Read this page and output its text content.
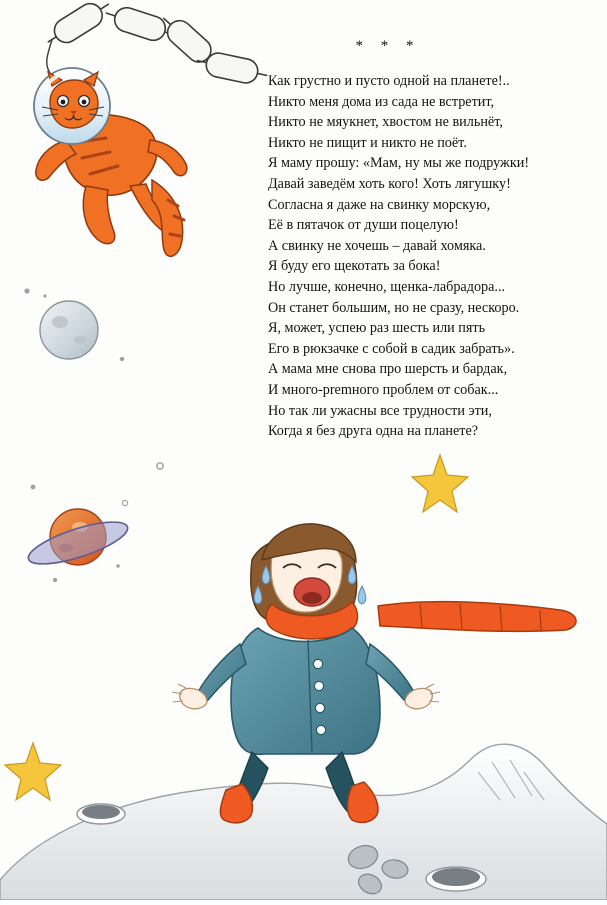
* * *
Как грустно и пусто одной на планете!..
Никто меня дома из сада не встретит,
Никто не мяукнет, хвостом не вильнёт,
Никто не пищит и никто не поёт.
Я маму прошу: «Мам, ну мы же подружки!
Давай заведём хоть кого! Хоть лягушку!
Согласна я даже на свинку морскую,
Её в пятачок от души поцелую!
А свинку не хочешь – давай хомяка.
Я буду его щекотать за бока!
Но лучше, конечно, щенка-лабрадора...
Он станет большим, но не сразу, нескоро.
Я, может, успею раз шесть или пять
Его в рюкзачке с собой в садик забрать».
А мама мне снова про шерсть и бардак,
И много-premного проблем от собак...
Но так ли ужасны все трудности эти,
Когда я без друга одна на планете?
